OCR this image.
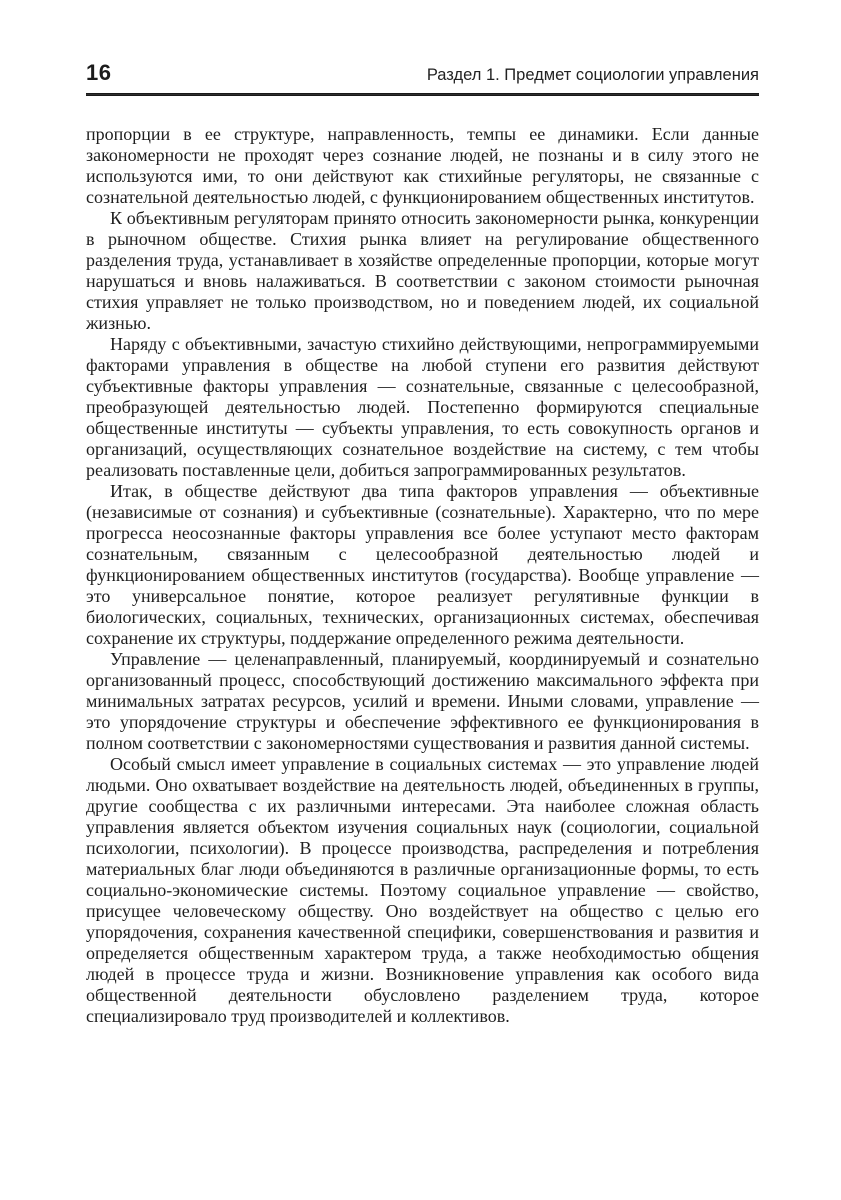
16	Раздел 1. Предмет социологии управления

пропорции в ее структуре, направленность, темпы ее динамики. Если данные закономерности не проходят через сознание людей, не познаны и в силу этого не используются ими, то они действуют как стихийные регуляторы, не связанные с сознательной деятельностью людей, с функционированием общественных институтов.

К объективным регуляторам принято относить закономерности рынка, конкуренции в рыночном обществе. Стихия рынка влияет на регулирование общественного разделения труда, устанавливает в хозяйстве определенные пропорции, которые могут нарушаться и вновь налаживаться. В соответствии с законом стоимости рыночная стихия управляет не только производством, но и поведением людей, их социальной жизнью.

Наряду с объективными, зачастую стихийно действующими, непрограммируемыми факторами управления в обществе на любой ступени его развития действуют субъективные факторы управления — сознательные, связанные с целесообразной, преобразующей деятельностью людей. Постепенно формируются специальные общественные институты — субъекты управления, то есть совокупность органов и организаций, осуществляющих сознательное воздействие на систему, с тем чтобы реализовать поставленные цели, добиться запрограммированных результатов.

Итак, в обществе действуют два типа факторов управления — объективные (независимые от сознания) и субъективные (сознательные). Характерно, что по мере прогресса неосознанные факторы управления все более уступают место факторам сознательным, связанным с целесообразной деятельностью людей и функционированием общественных институтов (государства). Вообще управление — это универсальное понятие, которое реализует регулятивные функции в биологических, социальных, технических, организационных системах, обеспечивая сохранение их структуры, поддержание определенного режима деятельности.

Управление — целенаправленный, планируемый, координируемый и сознательно организованный процесс, способствующий достижению максимального эффекта при минимальных затратах ресурсов, усилий и времени. Иными словами, управление — это упорядочение структуры и обеспечение эффективного ее функционирования в полном соответствии с закономерностями существования и развития данной системы.

Особый смысл имеет управление в социальных системах — это управление людей людьми. Оно охватывает воздействие на деятельность людей, объединенных в группы, другие сообщества с их различными интересами. Эта наиболее сложная область управления является объектом изучения социальных наук (социологии, социальной психологии, психологии). В процессе производства, распределения и потребления материальных благ люди объединяются в различные организационные формы, то есть социально-экономические системы. Поэтому социальное управление — свойство, присущее человеческому обществу. Оно воздействует на общество с целью его упорядочения, сохранения качественной специфики, совершенствования и развития и определяется общественным характером труда, а также необходимостью общения людей в процессе труда и жизни. Возникновение управления как особого вида общественной деятельности обусловлено разделением труда, которое специализировало труд производителей и коллективов.
